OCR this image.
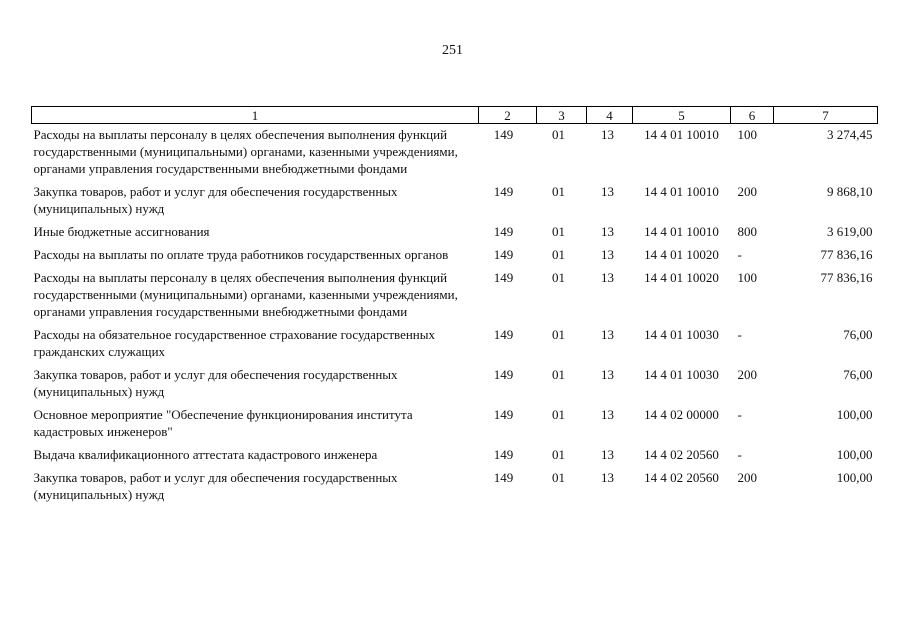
251
1	2	3	4	5	6	7
Расходы на выплаты персоналу в целях обеспечения выполнения функций государственными (муниципальными) органами, казенными учреждениями, органами управления государственными внебюджетными фондами	149	01	13	14 4 01 10010	100	3 274,45
Закупка товаров, работ и услуг для обеспечения государственных (муниципальных) нужд	149	01	13	14 4 01 10010	200	9 868,10
Иные бюджетные ассигнования	149	01	13	14 4 01 10010	800	3 619,00
Расходы на выплаты по оплате труда работников государственных органов	149	01	13	14 4 01 10020	-	77 836,16
Расходы на выплаты персоналу в целях обеспечения выполнения функций государственными (муниципальными) органами, казенными учреждениями, органами управления государственными внебюджетными фондами	149	01	13	14 4 01 10020	100	77 836,16
Расходы на обязательное государственное страхование государственных гражданских служащих	149	01	13	14 4 01 10030	-	76,00
Закупка товаров, работ и услуг для обеспечения государственных (муниципальных) нужд	149	01	13	14 4 01 10030	200	76,00
Основное мероприятие "Обеспечение функционирования института кадастровых инженеров"	149	01	13	14 4 02 00000	-	100,00
Выдача квалификационного аттестата кадастрового инженера	149	01	13	14 4 02 20560	-	100,00
Закупка товаров, работ и услуг для обеспечения государственных (муниципальных) нужд	149	01	13	14 4 02 20560	200	100,00
